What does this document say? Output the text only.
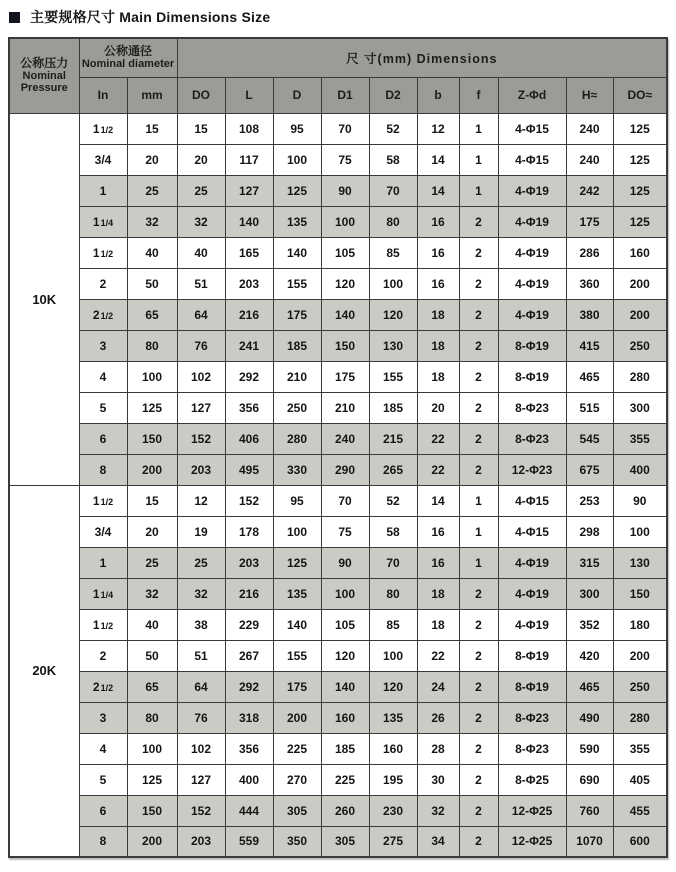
主要规格尺寸 Main Dimensions Size
公称压力
Nominal
Pressure	公称通径
Nominal diameter		尺 寸(mm) Dimensions									
	In	mm	DO	L	D	D1	D2	b	f	Z-Φd	H≈	DO≈
10K	11/2	15	15	108	95	70	52	12	1	4-Φ15	240	125
	3/4	20	20	117	100	75	58	14	1	4-Φ15	240	125
	1	25	25	127	125	90	70	14	1	4-Φ19	242	125
	11/4	32	32	140	135	100	80	16	2	4-Φ19	175	125
	11/2	40	40	165	140	105	85	16	2	4-Φ19	286	160
	2	50	51	203	155	120	100	16	2	4-Φ19	360	200
	21/2	65	64	216	175	140	120	18	2	4-Φ19	380	200
	3	80	76	241	185	150	130	18	2	8-Φ19	415	250
	4	100	102	292	210	175	155	18	2	8-Φ19	465	280
	5	125	127	356	250	210	185	20	2	8-Φ23	515	300
	6	150	152	406	280	240	215	22	2	8-Φ23	545	355
	8	200	203	495	330	290	265	22	2	12-Φ23	675	400
20K	11/2	15	12	152	95	70	52	14	1	4-Φ15	253	90
	3/4	20	19	178	100	75	58	16	1	4-Φ15	298	100
	1	25	25	203	125	90	70	16	1	4-Φ19	315	130
	11/4	32	32	216	135	100	80	18	2	4-Φ19	300	150
	11/2	40	38	229	140	105	85	18	2	4-Φ19	352	180
	2	50	51	267	155	120	100	22	2	8-Φ19	420	200
	21/2	65	64	292	175	140	120	24	2	8-Φ19	465	250
	3	80	76	318	200	160	135	26	2	8-Φ23	490	280
	4	100	102	356	225	185	160	28	2	8-Φ23	590	355
	5	125	127	400	270	225	195	30	2	8-Φ25	690	405
	6	150	152	444	305	260	230	32	2	12-Φ25	760	455
	8	200	203	559	350	305	275	34	2	12-Φ25	1070	600
